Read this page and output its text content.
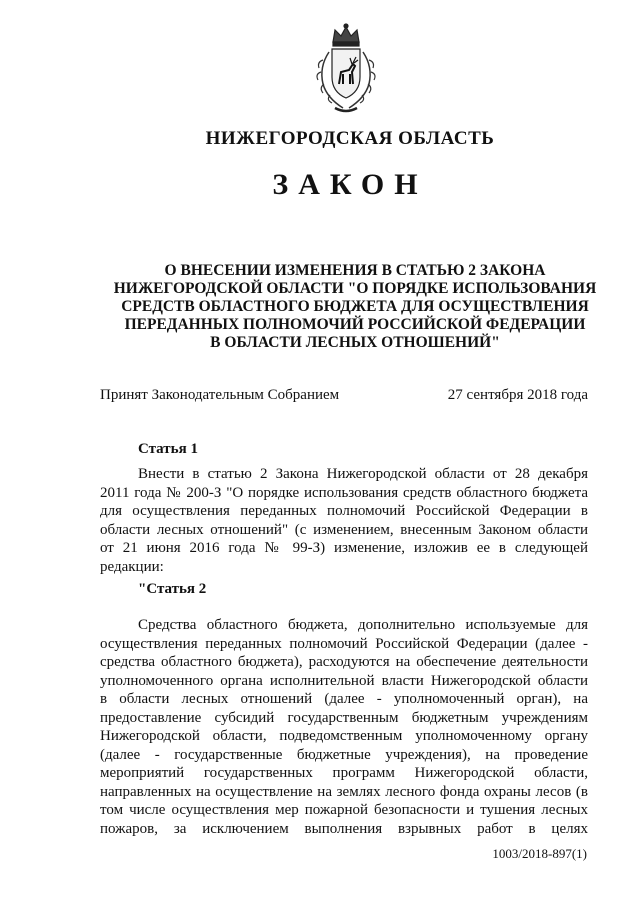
НИЖЕГОРОДСКАЯ ОБЛАСТЬ
ЗАКОН
О ВНЕСЕНИИ ИЗМЕНЕНИЯ В СТАТЬЮ 2 ЗАКОНА
НИЖЕГОРОДСКОЙ ОБЛАСТИ "О ПОРЯДКЕ ИСПОЛЬЗОВАНИЯ
СРЕДСТВ ОБЛАСТНОГО БЮДЖЕТА ДЛЯ ОСУЩЕСТВЛЕНИЯ
ПЕРЕДАННЫХ ПОЛНОМОЧИЙ РОССИЙСКОЙ ФЕДЕРАЦИИ
В ОБЛАСТИ ЛЕСНЫХ ОТНОШЕНИЙ"
Принят Законодательным Собранием	27 сентября 2018 года
Статья 1
Внести в статью 2 Закона Нижегородской области от 28 декабря
2011 года № 200-З "О порядке использования средств областного бюджета
для осуществления переданных полномочий Российской Федерации в
области лесных отношений" (с изменением, внесенным Законом области
от 21 июня 2016 года № 99-З) изменение, изложив ее в следующей
редакции:
"Статья 2
Средства областного бюджета, дополнительно используемые для
осуществления переданных полномочий Российской Федерации (далее -
средства областного бюджета), расходуются на обеспечение деятельности
уполномоченного органа исполнительной власти Нижегородской области
в области лесных отношений (далее - уполномоченный орган), на
предоставление субсидий государственным бюджетным учреждениям
Нижегородской области, подведомственным уполномоченному органу
(далее - государственные бюджетные учреждения), на проведение
мероприятий государственных программ Нижегородской области,
направленных на осуществление на землях лесного фонда охраны лесов (в
том числе осуществления мер пожарной безопасности и тушения лесных
пожаров, за исключением выполнения взрывных работ в целях
1003/2018-897(1)
